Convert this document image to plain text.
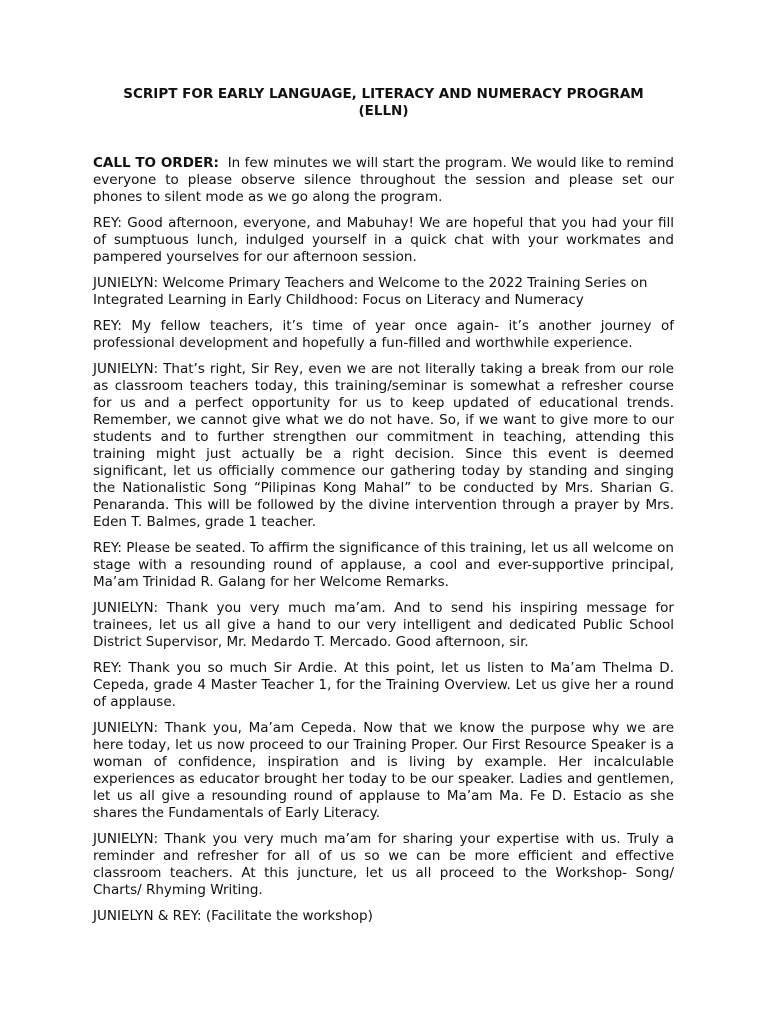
SCRIPT FOR EARLY LANGUAGE, LITERACY AND NUMERACY PROGRAM
(ELLN)

CALL TO ORDER: In few minutes we will start the program. We would like to remind everyone to please observe silence throughout the session and please set our phones to silent mode as we go along the program.

REY: Good afternoon, everyone, and Mabuhay! We are hopeful that you had your fill of sumptuous lunch, indulged yourself in a quick chat with your workmates and pampered yourselves for our afternoon session.

JUNIELYN: Welcome Primary Teachers and Welcome to the 2022 Training Series on Integrated Learning in Early Childhood: Focus on Literacy and Numeracy

REY: My fellow teachers, it’s time of year once again- it’s another journey of professional development and hopefully a fun-filled and worthwhile experience.

JUNIELYN: That’s right, Sir Rey, even we are not literally taking a break from our role as classroom teachers today, this training/seminar is somewhat a refresher course for us and a perfect opportunity for us to keep updated of educational trends. Remember, we cannot give what we do not have. So, if we want to give more to our students and to further strengthen our commitment in teaching, attending this training might just actually be a right decision. Since this event is deemed significant, let us officially commence our gathering today by standing and singing the Nationalistic Song “Pilipinas Kong Mahal” to be conducted by Mrs. Sharian G. Penaranda. This will be followed by the divine intervention through a prayer by Mrs. Eden T. Balmes, grade 1 teacher.

REY: Please be seated. To affirm the significance of this training, let us all welcome on stage with a resounding round of applause, a cool and ever-supportive principal, Ma’am Trinidad R. Galang for her Welcome Remarks.

JUNIELYN: Thank you very much ma’am. And to send his inspiring message for trainees, let us all give a hand to our very intelligent and dedicated Public School District Supervisor, Mr. Medardo T. Mercado. Good afternoon, sir.

REY: Thank you so much Sir Ardie. At this point, let us listen to Ma’am Thelma D. Cepeda, grade 4 Master Teacher 1, for the Training Overview. Let us give her a round of applause.

JUNIELYN: Thank you, Ma’am Cepeda. Now that we know the purpose why we are here today, let us now proceed to our Training Proper. Our First Resource Speaker is a woman of confidence, inspiration and is living by example. Her incalculable experiences as educator brought her today to be our speaker. Ladies and gentlemen, let us all give a resounding round of applause to Ma’am Ma. Fe D. Estacio as she shares the Fundamentals of Early Literacy.

JUNIELYN: Thank you very much ma’am for sharing your expertise with us. Truly a reminder and refresher for all of us so we can be more efficient and effective classroom teachers. At this juncture, let us all proceed to the Workshop- Song/ Charts/ Rhyming Writing.

JUNIELYN & REY: (Facilitate the workshop)
